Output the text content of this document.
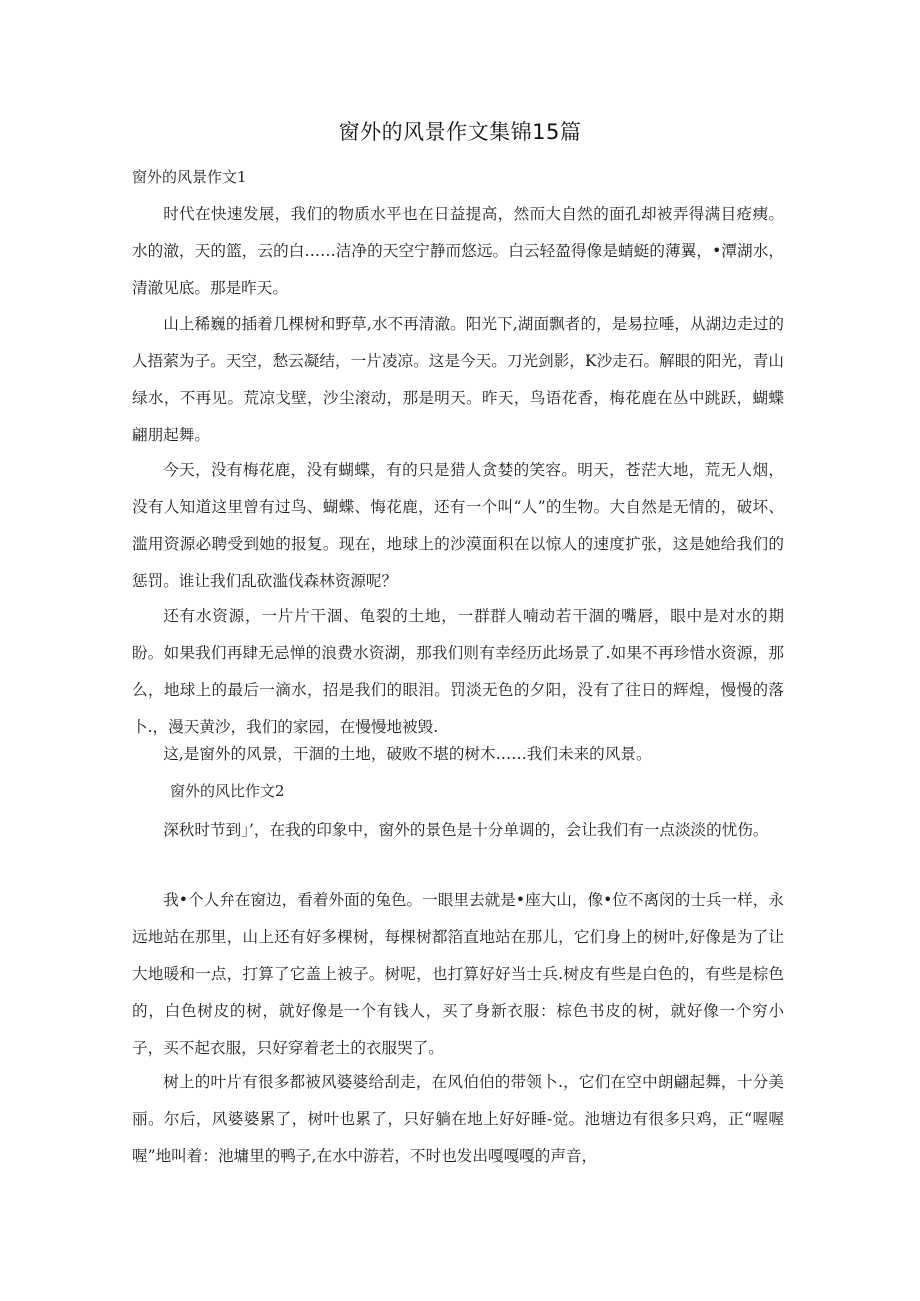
窗外的风景作文集锦15篇
窗外的风景作文1
时代在快速发展，我们的物质水平也在日益提高，然而大自然的面孔却被弄得满目疮痍。水的澈，天的篮，云的白……洁净的天空宁静而悠远。白云轻盈得像是蜻蜓的薄翼，•潭湖水，清澈见底。那是昨天。
山上稀巍的插着几棵树和野草,水不再清澈。阳光下,湖面飘者的，是易拉唾，从湖边走过的人捂萦为子。天空，愁云凝结，一片凌凉。这是今天。刀光剑影，K沙走石。解眼的阳光，青山绿水，不再见。荒凉戈壁，沙尘滚动，那是明天。昨天，鸟语花香，梅花鹿在丛中跳跃，蝴蝶翩朋起舞。
今天，没有梅花鹿，没有蝴蝶，有的只是猎人贪婪的笑容。明天，苍茫大地，荒无人烟，没有人知道这里曾有过鸟、蝴蝶、悔花鹿，还有一个叫“人”的生物。大自然是无情的，破坏、滥用资源必聘受到她的报复。现在，地球上的沙漠面积在以惊人的速度扩张，这是她给我们的惩罚。谁让我们乱砍滥伐森林资源呢？
还有水资源，一片片干涸、龟裂的土地，一群群人喃动若干涸的嘴唇，眼中是对水的期盼。如果我们再肆无忌惮的浪费水资湖，那我们则有幸经历此场景了.如果不再珍惜水资源，那么，地球上的最后一滴水，招是我们的眼泪。罚淡无色的夕阳，没有了往日的辉煌，慢慢的落卜.，漫天黄沙，我们的家园，在慢慢地被毁.
这,是窗外的风景，干涸的土地，破败不堪的树木……我们未来的风景。
窗外的风比作文2
深秋时节到」’，在我的印象中，窗外的景色是十分单调的，会让我们有一点淡淡的忧伤。
我•个人弁在窗边，看着外面的兔色。一眼里去就是•座大山，像•位不离闵的士兵一样，永远地站在那里，山上还有好多棵树，每棵树都箔直地站在那儿，它们身上的树叶,好像是为了让大地暖和一点，打算了它盖上被子。树呢，也打算好好当士兵.树皮有些是白色的，有些是棕色的，白色树皮的树，就好像是一个有钱人，买了身新衣服：棕色书皮的树，就好像一个穷小子，买不起衣服，只好穿着老土的衣服哭了。
树上的叶片有很多都被风婆婆给刮走，在风伯伯的带领卜.，它们在空中朗翩起舞，十分美丽。尔后，风婆婆累了，树叶也累了，只好躺在地上好好睡-觉。池塘边有很多只鸡，正“喔喔喔”地叫着：池墉里的鸭子,在水中游若，不时也发出嘎嘎嘎的声音，
